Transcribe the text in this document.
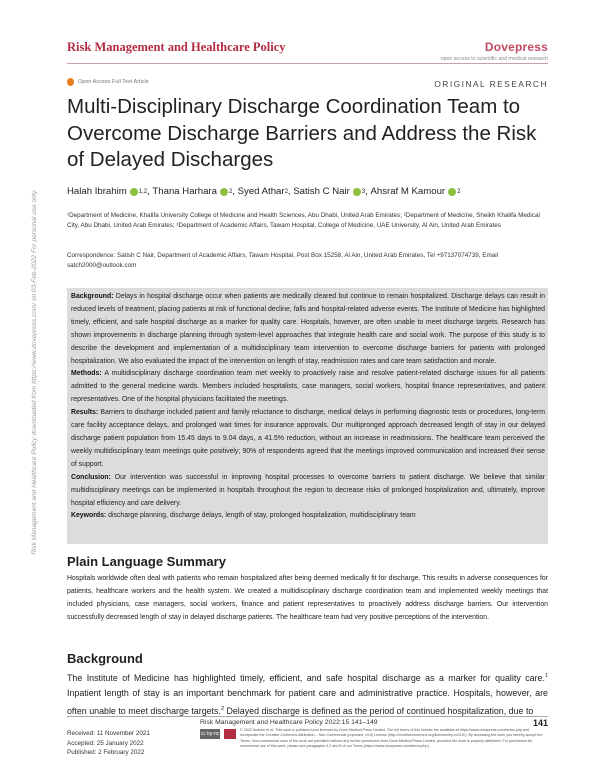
Risk Management and Healthcare Policy	Dovepress
open access to scientific and medical research
Open Access Full Text Article	ORIGINAL RESEARCH
Multi-Disciplinary Discharge Coordination Team to Overcome Discharge Barriers and Address the Risk of Delayed Discharges
Halah Ibrahim 1,2 , Thana Harhara 2 , Syed Athar 2 , Satish C Nair 3 , Ahsraf M Kamour 2
¹Department of Medicine, Khalifa University College of Medicine and Health Sciences, Abu Dhabi, United Arab Emirates; ²Department of Medicine, Sheikh Khalifa Medical City, Abu Dhabi, United Arab Emirates; ³Department of Academic Affairs, Tawam Hospital, College of Medicine, UAE University, Al Ain, United Arab Emirates
Correspondence: Satish C Nair, Department of Academic Affairs, Tawam Hospital, Post Box 15258, Al Ain, United Arab Emirates, Tel +97137074739, Email satch2000@outlook.com

Background: Delays in hospital discharge occur when patients are medically cleared but continue to remain hospitalized. Discharge delays can result in reduced levels of treatment, placing patients at risk of functional decline, falls and hospital-related adverse events. The Institute of Medicine has highlighted timely, efficient, and safe hospital discharge as a marker for quality care. Hospitals, however, are often unable to meet discharge targets. Research has shown improvements in discharge planning through system-level approaches that integrate health care and social work. The purpose of this study is to describe the development and implementation of a multidisciplinary team intervention to overcome discharge barriers for patients with prolonged hospitalization. We also evaluated the impact of the intervention on length of stay, readmission rates and care team satisfaction and morale.

Methods: A multidisciplinary discharge coordination team met weekly to proactively raise and resolve patient-related discharge issues for all patients admitted to the general medicine wards. Members included hospitalists, case managers, social workers, hospital finance representatives, and patient representatives. One of the hospital physicians facilitated the meetings.

Results: Barriers to discharge included patient and family reluctance to discharge, medical delays in performing diagnostic tests or procedures, long-term care facility acceptance delays, and prolonged wait times for insurance approvals. Our multipronged approach decreased length of stay in our delayed discharge patient population from 15.45 days to 9.04 days, a 41.5% reduction, without an increase in readmissions. The healthcare team perceived the weekly multidisciplinary team meetings quite positively; 90% of respondents agreed that the meetings improved communication and increased their sense of support.

Conclusion: Our intervention was successful in improving hospital processes to overcome barriers to patient discharge. We believe that similar multidisciplinary meetings can be implemented in hospitals throughout the region to decrease risks of prolonged hospitalization and, ultimately, improve hospital efficiency and care delivery.

Keywords: discharge planning, discharge delays, length of stay, prolonged hospitalization, multidisciplinary team

Risk Management and Healthcare Policy downloaded from https://www.dovepress.com/ on 03-Feb-2022 For personal use only.
Plain Language Summary
Hospitals worldwide often deal with patients who remain hospitalized after being deemed medically fit for discharge. This results in adverse consequences for patients, healthcare workers and the health system. We created a multidisciplinary discharge coordination team and implemented weekly meetings that included physicians, case managers, social workers, finance and patient representatives to proactively address discharge barriers. Our intervention successfully decreased length of stay in delayed discharge patients. The healthcare team had very positive perceptions of the intervention.
Background
The Institute of Medicine has highlighted timely, efficient, and safe hospital discharge as a marker for quality care.$^1$ Inpatient length of stay is an important benchmark for patient care and administrative practice. Hospitals, however, are often unable to meet discharge targets.$^2$ Delayed discharge is defined as the period of continued hospitalization, due to
Received: 11 November 2021
Accepted: 25 January 2022
Published: 2 February 2022
Risk Management and Healthcare Policy 2022:15 141–149	141
cc by-nc
© 2022 Ibrahim et al. This work is published and licensed by Dove Medical Press Limited. The full terms of this license are available at https://www.dovepress.com/terms.php and incorporate the Creative Commons Attribution – Non Commercial (unported, v3.0) License (http://creativecommons.org/licenses/by-nc/3.0/). By accessing the work you hereby accept the Terms. Non-commercial uses of the work are permitted without any further permission from Dove Medical Press Limited, provided the work is properly attributed. For permission for commercial use of this work, please see paragraphs 4.2 and 5 of our Terms (https://www.dovepress.com/terms.php).
